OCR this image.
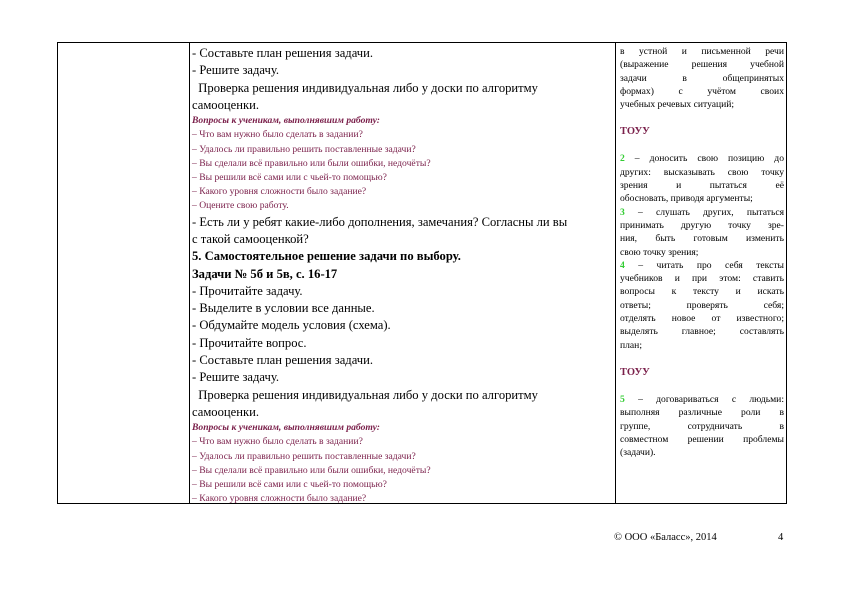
- Составьте план решения задачи.
- Решите задачу.
Проверка решения индивидуальная либо у доски по алгоритму
самооценки.
Вопросы к ученикам, выполнявшим работу:
– Что вам нужно было сделать в задании?
– Удалось ли правильно решить поставленные задачи?
– Вы сделали всё правильно или были ошибки, недочёты?
– Вы решили всё сами или с чьей-то помощью?
– Какого уровня сложности было задание?
– Оцените свою работу.
- Есть ли у ребят какие-либо дополнения, замечания? Согласны ли вы
с такой самооценкой?
5. Самостоятельное решение задачи по выбору.
Задачи № 5б и 5в, с. 16-17
- Прочитайте задачу.
- Выделите в условии все данные.
- Обдумайте модель условия (схема).
- Прочитайте вопрос.
- Составьте план решения задачи.
- Решите задачу.
Проверка решения индивидуальная либо у доски по алгоритму
самооценки.
Вопросы к ученикам, выполнявшим работу:
– Что вам нужно было сделать в задании?
– Удалось ли правильно решить поставленные задачи?
– Вы сделали всё правильно или были ошибки, недочёты?
– Вы решили всё сами или с чьей-то помощью?
– Какого уровня сложности было задание?
в устной и письменной речи
(выражение решения учебной
задачи в общепринятых
формах) с учётом своих
учебных речевых ситуаций;
ТОУУ
2 – доносить свою позицию до
других: высказывать свою точку
зрения и пытаться её
обосновать, приводя аргументы;
3 – слушать других, пытаться
принимать другую точку зре-
ния, быть готовым изменить
свою точку зрения;
4 – читать про себя тексты
учебников и при этом: ставить
вопросы к тексту и искать
ответы; проверять себя;
отделять новое от известного;
выделять главное; составлять
план;
ТОУУ
5 – договариваться с людьми:
выполняя различные роли в
группе, сотрудничать в
совместном решении проблемы
(задачи).
© ООО «Баласс», 2014	4
